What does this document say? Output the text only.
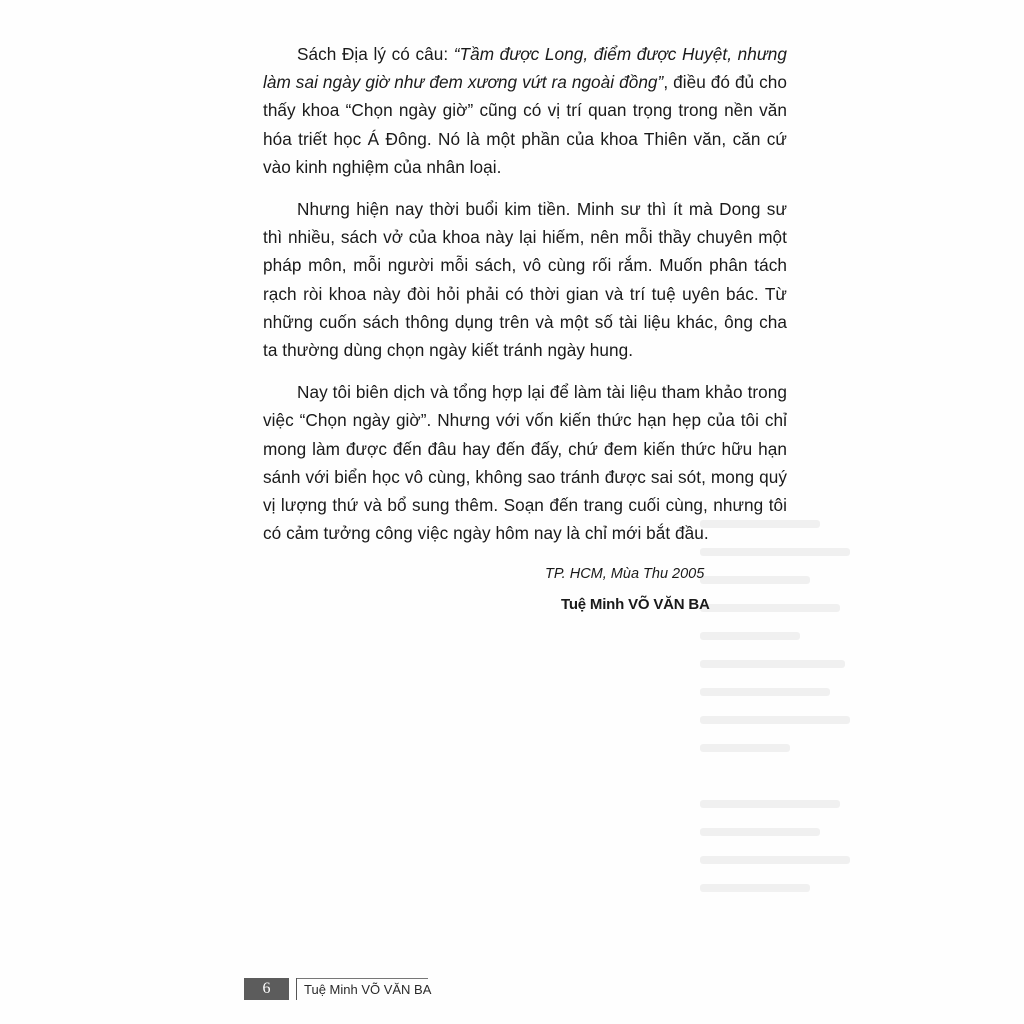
Sách Địa lý có câu: “Tầm được Long, điểm được Huyệt, nhưng làm sai ngày giờ như đem xương vứt ra ngoài đồng”, điều đó đủ cho thấy khoa “Chọn ngày giờ” cũng có vị trí quan trọng trong nền văn hóa triết học Á Đông. Nó là một phần của khoa Thiên văn, căn cứ vào kinh nghiệm của nhân loại.

Nhưng hiện nay thời buổi kim tiền. Minh sư thì ít mà Dong sư thì nhiều, sách vở của khoa này lại hiếm, nên mỗi thầy chuyên một pháp môn, mỗi người mỗi sách, vô cùng rối rắm. Muốn phân tách rạch ròi khoa này đòi hỏi phải có thời gian và trí tuệ uyên bác. Từ những cuốn sách thông dụng trên và một số tài liệu khác, ông cha ta thường dùng chọn ngày kiết tránh ngày hung.

Nay tôi biên dịch và tổng hợp lại để làm tài liệu tham khảo trong việc “Chọn ngày giờ”. Nhưng với vốn kiến thức hạn hẹp của tôi chỉ mong làm được đến đâu hay đến đấy, chứ đem kiến thức hữu hạn sánh với biển học vô cùng, không sao tránh được sai sót, mong quý vị lượng thứ và bổ sung thêm. Soạn đến trang cuối cùng, nhưng tôi có cảm tưởng công việc ngày hôm nay là chỉ mới bắt đầu.

TP. HCM, Mùa Thu 2005
Tuệ Minh VÕ VĂN BA
6	Tuệ Minh VÕ VĂN BA
